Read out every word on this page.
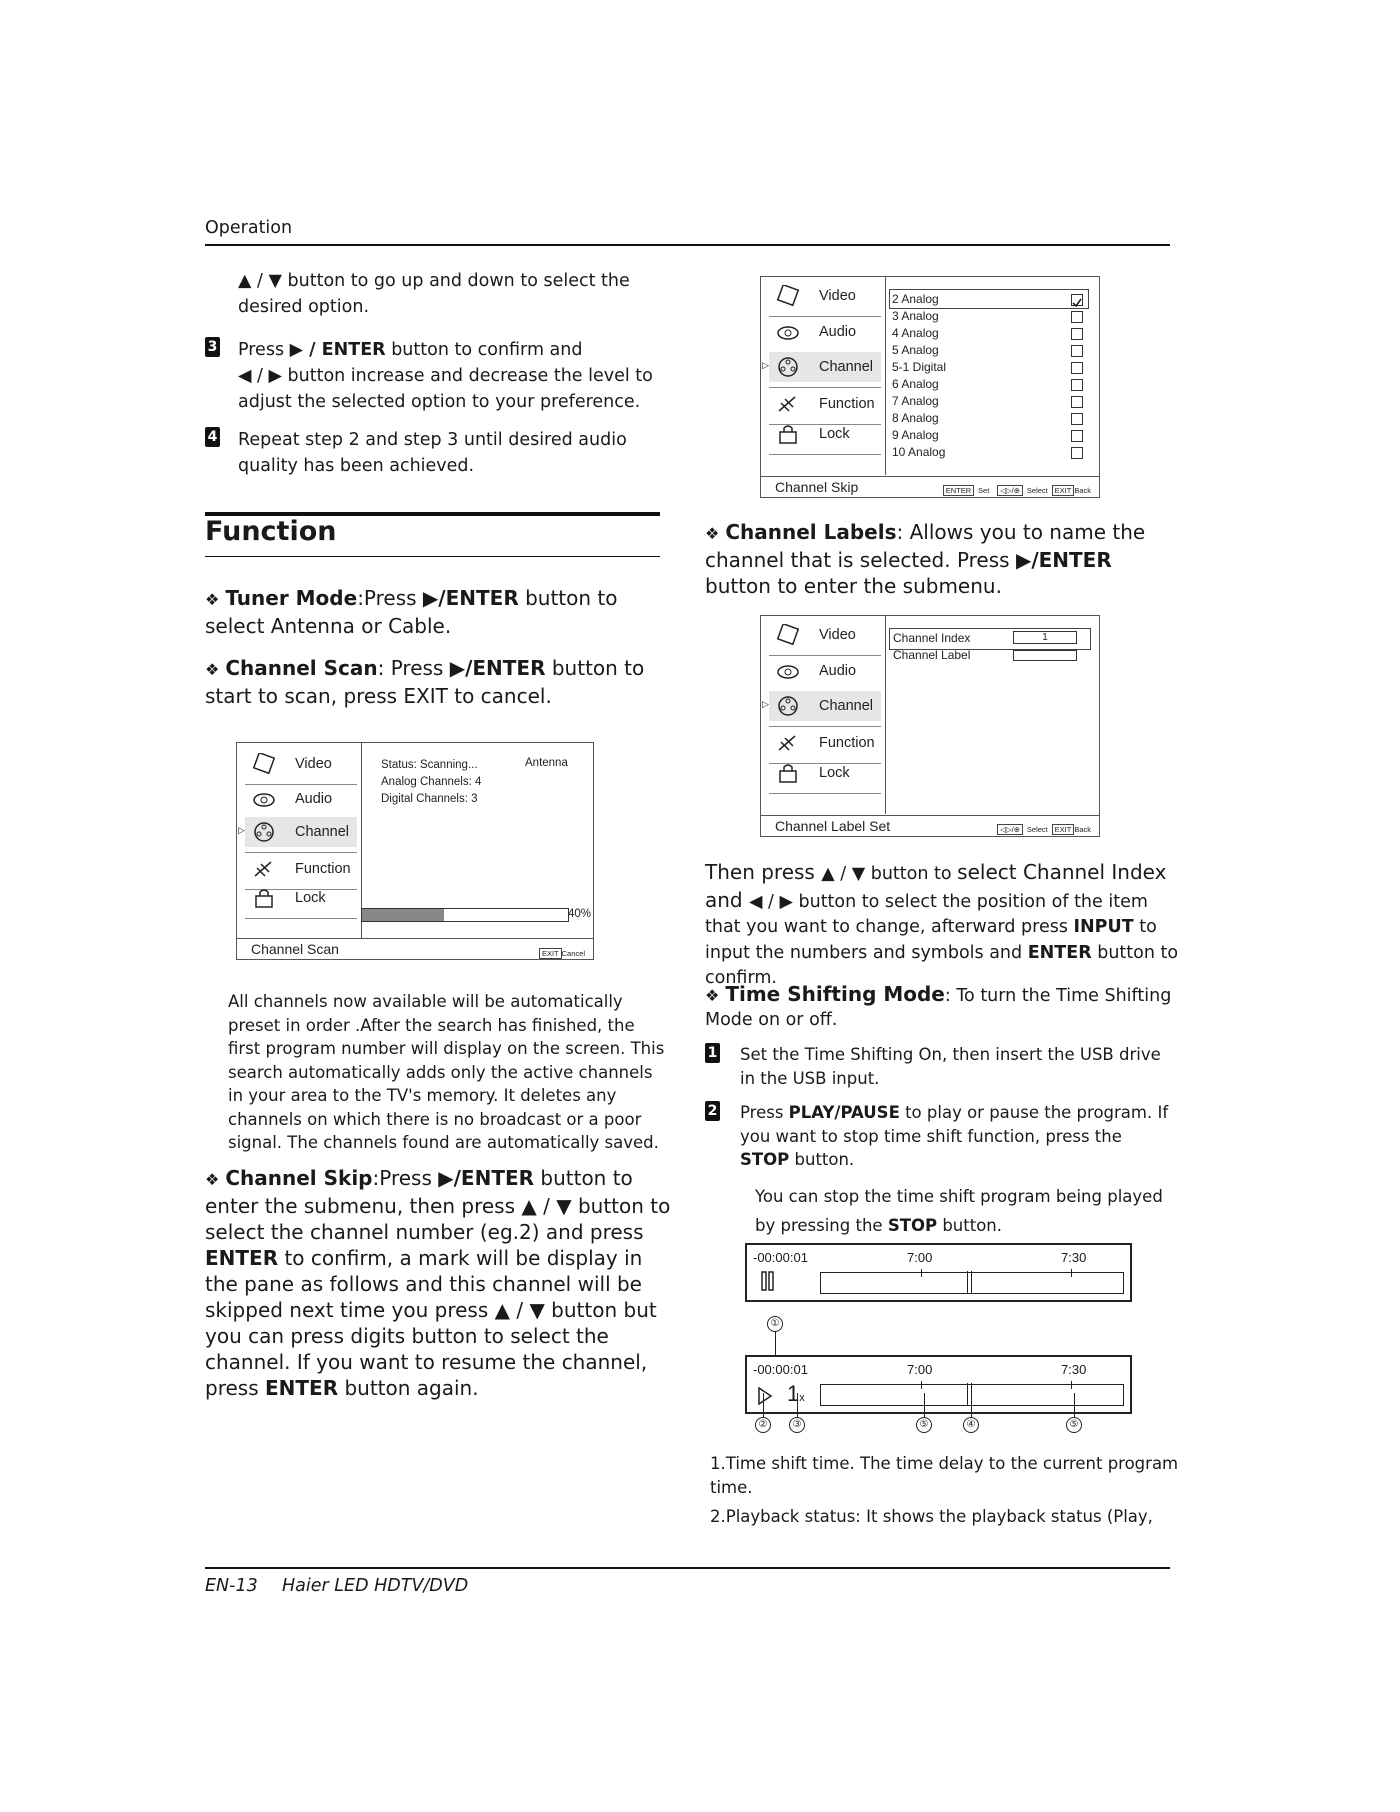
Operation
▲ / ▼ button to go up and down to select the desired option.
3 Press ▶ / ENTER button to confirm and
◀ / ▶ button increase and decrease the level to adjust the selected option to your preference.
4 Repeat step 2 and step 3 until desired audio quality has been achieved.
Function
❖ Tuner Mode:Press ▶/ENTER button to select Antenna or Cable.
❖ Channel Scan: Press ▶/ENTER button to start to scan, press EXIT to cancel.
Video
Audio
▷	Channel
Function
Lock
Status: Scanning...
Analog Channels: 4
Digital Channels: 3
Antenna
40%
Channel Scan	EXIT Cancel
All channels now available will be automatically preset in order .After the search has finished, the first program number will display on the screen. This search automatically adds only the active channels in your area to the TV's memory. It deletes any channels on which there is no broadcast or a poor signal. The channels found are automatically saved.
❖ Channel Skip:Press ▶/ENTER button to enter the submenu, then press ▲ / ▼ button to select the channel number (eg.2) and press ENTER to confirm, a mark will be display in the pane as follows and this channel will be skipped next time you press ▲ / ▼ button but you can press digits button to select the channel. If you want to resume the channel, press ENTER button again.
Video
Audio
▷	Channel
Function
Lock
2 Analog
3 Analog
4 Analog
5 Analog
5-1 Digital
6 Analog
7 Analog
8 Analog
9 Analog
10 Analog
Channel Skip	ENTER Set ◁▷/⊕ Select EXIT Back
❖ Channel Labels: Allows you to name the channel that is selected. Press ▶/ENTER button to enter the submenu.
Video
Audio
▷	Channel
Function
Lock
Channel Index	1
Channel Label
Channel Label Set	◁▷/⊕ Select EXIT Back
Then press ▲ / ▼ button to select Channel Index and ◀ / ▶ button to select the position of the item that you want to change, afterward press INPUT to input the numbers and symbols and ENTER button to confirm.
❖ Time Shifting Mode: To turn the Time Shifting Mode on or off.
1 Set the Time Shifting On, then insert the USB drive in the USB input.
2 Press PLAY/PAUSE to play or pause the program. If you want to stop time shift function, press the STOP button.
You can stop the time shift program being played
by pressing the STOP button.
-00:00:01	7:00	7:30
①
-00:00:01	7:00	7:30
1x
②	③	⑤	④	⑤
1.Time shift time. The time delay to the current program time.
2.Playback status: It shows the playback status (Play,
EN-13 Haier LED HDTV/DVD
